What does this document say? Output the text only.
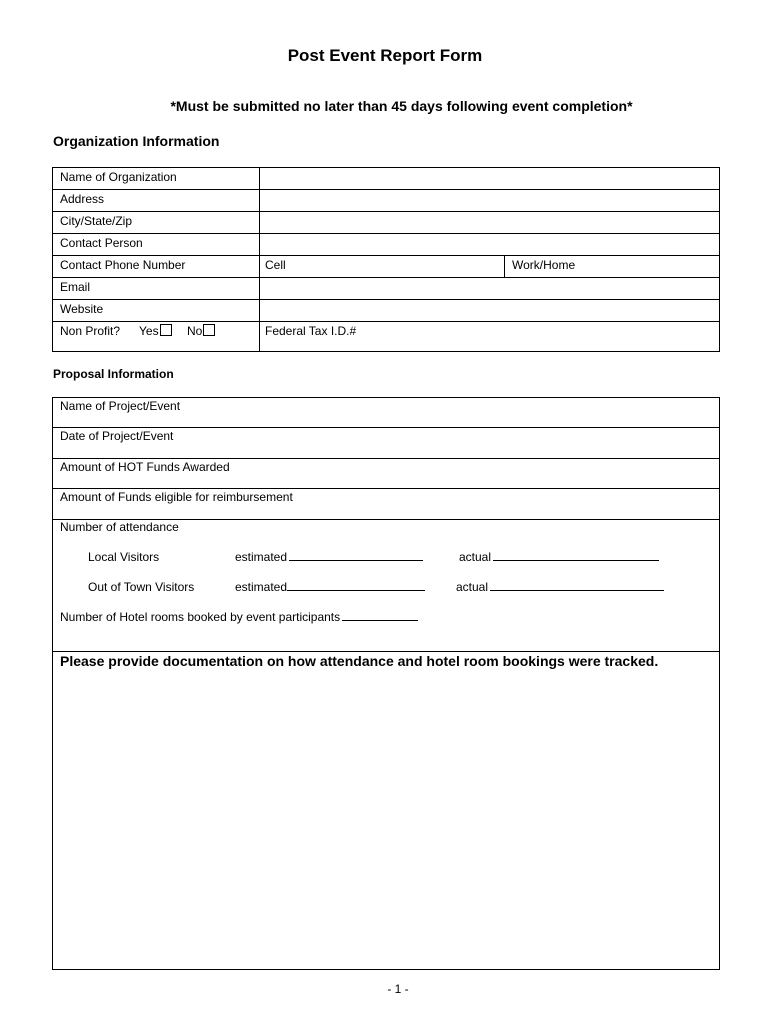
Post Event Report Form
*Must be submitted no later than 45 days following event completion*
Organization Information
Name of Organization
Address
City/State/Zip
Contact Person
Contact Phone Number	Cell	Work/Home
Email
Website
Non Profit? Yes	No	Federal Tax I.D.#
Proposal Information
Name of Project/Event
Date of Project/Event
Amount of HOT Funds Awarded
Amount of Funds eligible for reimbursement
Number of attendance
Local Visitors	estimated	actual
Out of Town Visitors	estimated	actual
Number of Hotel rooms booked by event participants
Please provide documentation on how attendance and hotel room bookings were tracked.
- 1 -
